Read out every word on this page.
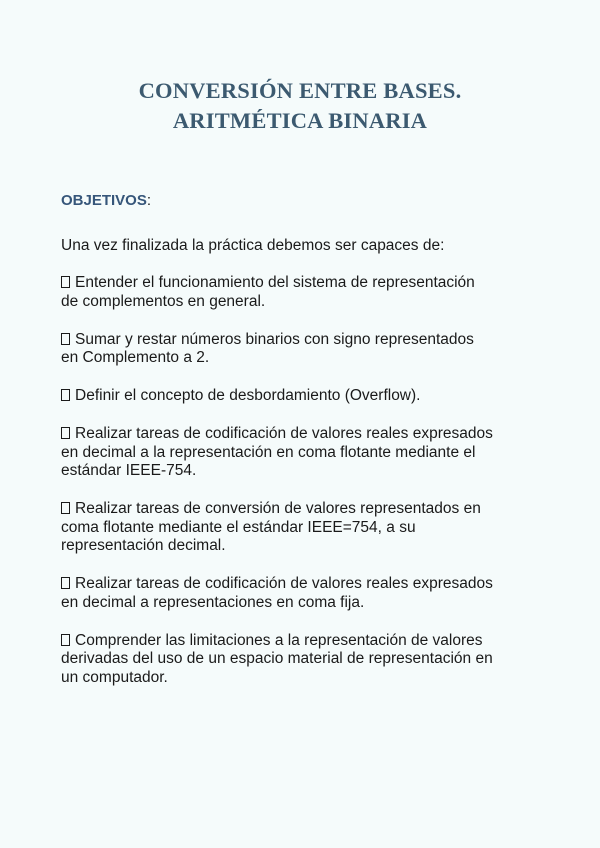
CONVERSIÓN ENTRE BASES.
ARITMÉTICA BINARIA
OBJETIVOS:

Una vez finalizada la práctica debemos ser capaces de:

Entender el funcionamiento del sistema de representación
de complementos en general.
Sumar y restar números binarios con signo representados
en Complemento a 2.
Definir el concepto de desbordamiento (Overflow).
Realizar tareas de codificación de valores reales expresados
en decimal a la representación en coma flotante mediante el
estándar IEEE-754.
Realizar tareas de conversión de valores representados en
coma flotante mediante el estándar IEEE=754, a su
representación decimal.
Realizar tareas de codificación de valores reales expresados
en decimal a representaciones en coma fija.
Comprender las limitaciones a la representación de valores
derivadas del uso de un espacio material de representación en
un computador.
